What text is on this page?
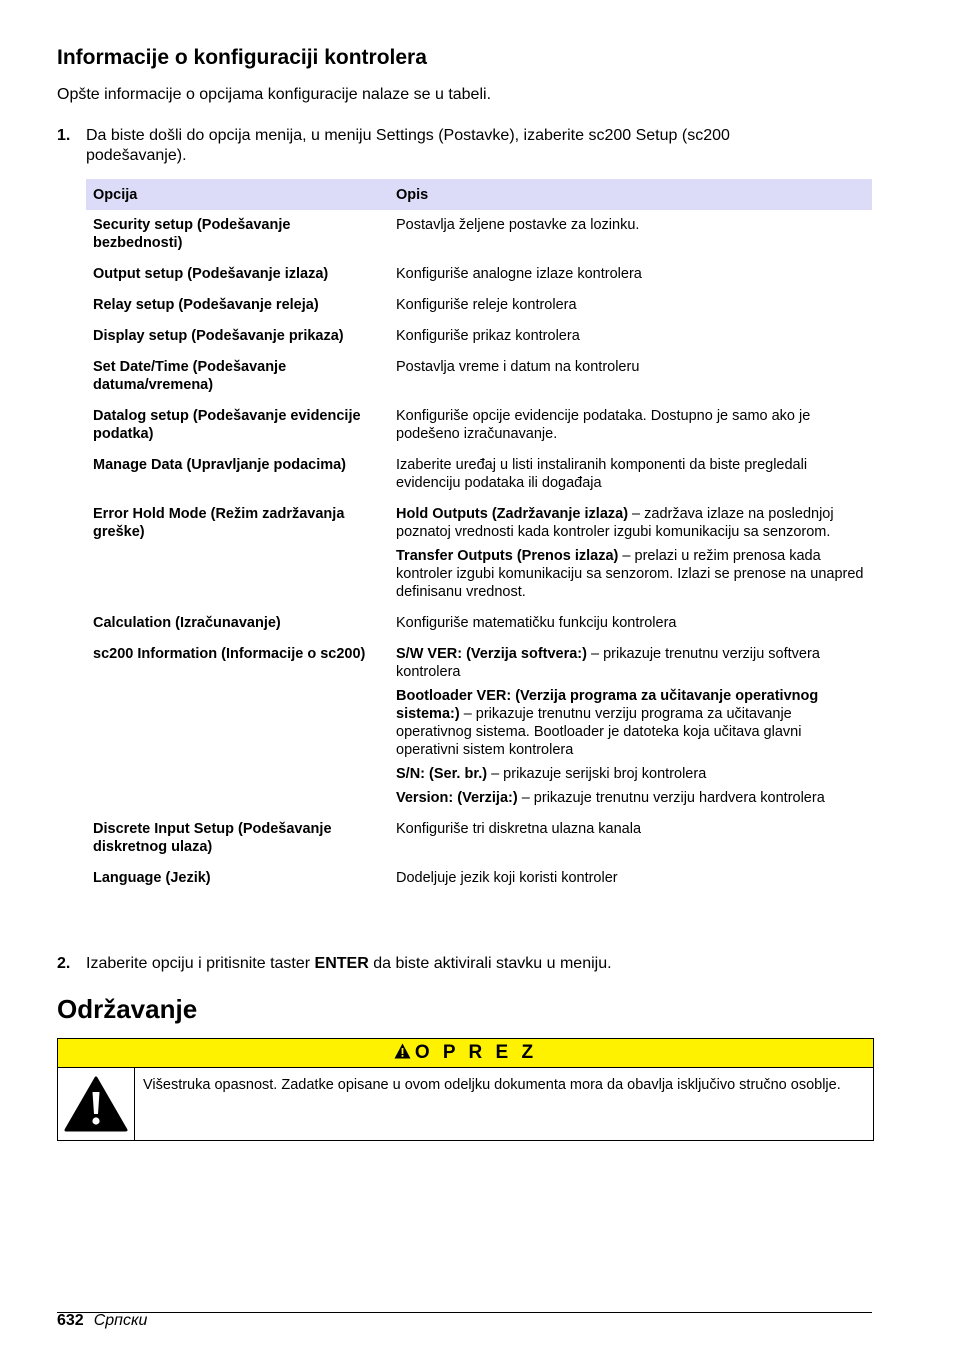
Informacije o konfiguraciji kontrolera
Opšte informacije o opcijama konfiguracije nalaze se u tabeli.
1. Da biste došli do opcija menija, u meniju Settings (Postavke), izaberite sc200 Setup (sc200 podešavanje).
Opcija	Opis
Security setup (Podešavanje bezbednosti)	Postavlja željene postavke za lozinku.

Output setup (Podešavanje izlaza)	Konfiguriše analogne izlaze kontrolera

Relay setup (Podešavanje releja)	Konfiguriše releje kontrolera

Display setup (Podešavanje prikaza)	Konfiguriše prikaz kontrolera

Set Date/Time (Podešavanje datuma/vremena)	Postavlja vreme i datum na kontroleru

Datalog setup (Podešavanje evidencije podatka)	Konfiguriše opcije evidencije podataka. Dostupno je samo ako je podešeno izračunavanje.

Manage Data (Upravljanje podacima)	Izaberite uređaj u listi instaliranih komponenti da biste pregledali evidenciju podataka ili događaja

Error Hold Mode (Režim zadržavanja greške)	Hold Outputs (Zadržavanje izlaza) – zadržava izlaze na poslednjoj poznatoj vrednosti kada kontroler izgubi komunikaciju sa senzorom.

Transfer Outputs (Prenos izlaza) – prelazi u režim prenosa kada kontroler izgubi komunikaciju sa senzorom. Izlazi se prenose na unapred definisanu vrednost.

Calculation (Izračunavanje)	Konfiguriše matematičku funkciju kontrolera

sc200 Information (Informacije o sc200)	S/W VER: (Verzija softvera:) – prikazuje trenutnu verziju softvera kontrolera

Bootloader VER: (Verzija programa za učitavanje operativnog sistema:) – prikazuje trenutnu verziju programa za učitavanje operativnog sistema. Bootloader je datoteka koja učitava glavni operativni sistem kontrolera

S/N: (Ser. br.) – prikazuje serijski broj kontrolera

Version: (Verzija:) – prikazuje trenutnu verziju hardvera kontrolera

Discrete Input Setup (Podešavanje diskretnog ulaza)	Konfiguriše tri diskretna ulazna kanala

Language (Jezik)	Dodeljuje jezik koji koristi kontroler

2. Izaberite opciju i pritisnite taster ENTER da biste aktivirali stavku u meniju.
Održavanje
O P R E Z
Višestruka opasnost. Zadatke opisane u ovom odeljku dokumenta mora da obavlja isključivo stručno osoblje.
632 Српски
